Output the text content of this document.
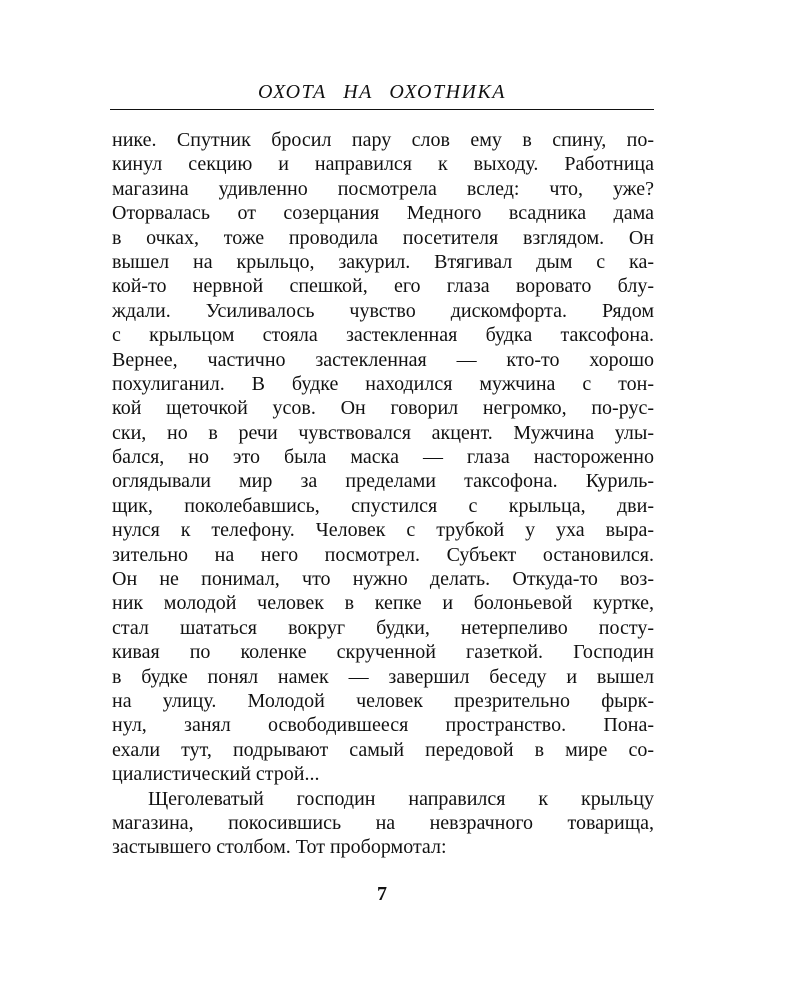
ОХОТА НА ОХОТНИКА
нике. Спутник бросил пару слов ему в спину, по-
кинул секцию и направился к выходу. Работница
магазина удивленно посмотрела вслед: что, уже?
Оторвалась от созерцания Медного всадника дама
в очках, тоже проводила посетителя взглядом. Он
вышел на крыльцо, закурил. Втягивал дым с ка-
кой-то нервной спешкой, его глаза вороватo блу-
ждали. Усиливалось чувство дискомфорта. Рядом
с крыльцом стояла застекленная будка таксофона.
Вернее, частично застекленная — кто-то хорошо
похулиганил. В будке находился мужчина с тон-
кой щеточкой усов. Он говорил негромко, по-рус-
ски, но в речи чувствовался акцент. Мужчина улы-
бался, но это была маска — глаза настороженно
оглядывали мир за пределами таксофона. Куриль-
щик, поколебавшись, спустился с крыльца, дви-
нулся к телефону. Человек с трубкой у уха выра-
зительно на него посмотрел. Субъект остановился.
Он не понимал, что нужно делать. Откуда-то воз-
ник молодой человек в кепке и болоньевой куртке,
стал шататься вокруг будки, нетерпеливо посту-
кивая по коленке скрученной газеткой. Господин
в будке понял намек — завершил беседу и вышел
на улицу. Молодой человек презрительно фырк-
нул, занял освободившееся пространство. Пона-
ехали тут, подрывают самый передовой в мире со-
циалистический строй...
Щеголеватый господин направился к крыльцу
магазина, покосившись на невзрачного товарища,
застывшего столбом. Тот пробормотал:
7
